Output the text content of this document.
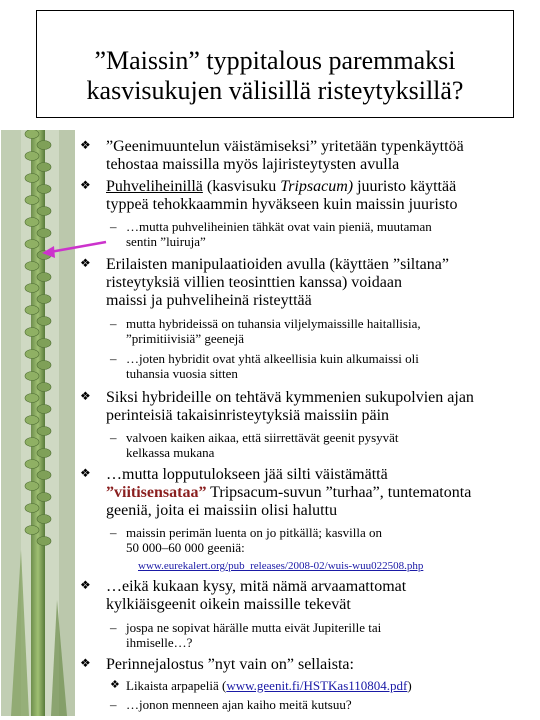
”Maissin” typpitalous paremmaksi
kasvisukujen välisillä risteytyksillä?
❖ ”Geenimuuntelun väistämiseksi” yritetään typenkäyttöä
tehostaa maissilla myös lajiristeytysten avulla
❖ Puhveliheinillä (kasvisuku Tripsacum) juuristo käyttää
typpeä tehokkaammin hyväkseen kuin maissin juuristo
– …mutta puhveliheinien tähkät ovat vain pieniä, muutaman
sentin ”luiruja”
❖ Erilaisten manipulaatioiden avulla (käyttäen ”siltana”
risteytyksiä villien teosinttien kanssa) voidaan
maissi ja puhveliheinä risteyttää
– mutta hybrideissä on tuhansia viljelymaissille haitallisia,
”primitiivisiä” geenejä
– …joten hybridit ovat yhtä alkeellisia kuin alkumaissi oli
tuhansia vuosia sitten
❖ Siksi hybrideille on tehtävä kymmenien sukupolvien ajan
perinteisiä takaisinristeytyksiä maissiin päin
– valvoen kaiken aikaa, että siirrettävät geenit pysyvät
kelkassa mukana
❖ …mutta lopputulokseen jää silti väistämättä
”viitisensataa” Tripsacum-suvun ”turhaa”, tuntematonta
geeniä, joita ei maissiin olisi haluttu
– maissin perimän luenta on jo pitkällä; kasvilla on
50 000–60 000 geeniä:
www.eurekalert.org/pub_releases/2008-02/wuis-wuu022508.php
❖ …eikä kukaan kysy, mitä nämä arvaamattomat
kylkiäisgeenit oikein maissille tekevät
– jospa ne sopivat härälle mutta eivät Jupiterille tai
ihmiselle…?
❖ Perinnejalostus ”nyt vain on” sellaista:
❖ Likaista arpapeliä (www.geenit.fi/HSTKas110804.pdf)
– …jonon menneen ajan kaiho meitä kutsuu?
